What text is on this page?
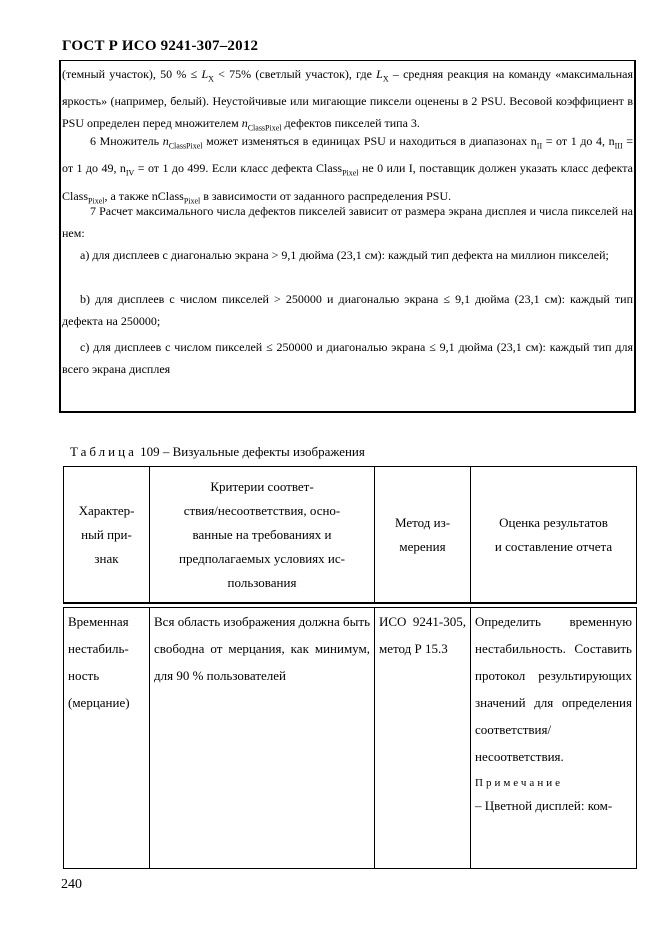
ГОСТ Р ИСО 9241-307–2012
(темный участок), 50 % ≤ $L_X < 75\%$ (светлый участок), где $L_X$ – средняя реакция на команду «максимальная яркость» (например, белый). Неустойчивые или мигающие пиксели оценены в 2 PSU. Весовой коэффициент в PSU определен перед множителем $n_{ClassPixel}$ дефектов пикселей типа 3.
6 Множитель $n_{ClassPixel}$ может изменяться в единицах PSU и находиться в диапазонах $n_{II}$ = от 1 до 4, $n_{III}$ = от 1 до 49, $n_{IV}$ = от 1 до 499. Если класс дефекта Class$_{Pixel}$ не 0 или I, поставщик должен указать класс дефекта Class$_{Pixel}$, а также nClass$_{Pixel}$ в зависимости от заданного распределения PSU.
7 Расчет максимального числа дефектов пикселей зависит от размера экрана дисплея и числа пикселей на нем:
а) для дисплеев с диагональю экрана > 9,1 дюйма (23,1 см): каждый тип дефекта на миллион пикселей;
b) для дисплеев с числом пикселей > 250000 и диагональю экрана ≤ 9,1 дюйма (23,1 см): каждый тип дефекта на 250000;
с) для дисплеев с числом пикселей ≤ 250000 и диагональю экрана ≤ 9,1 дюйма (23,1 см): каждый тип для всего экрана дисплея
Таблица 109 – Визуальные дефекты изображения
Характер-
ный при-
знак	Критерии соответ-
ствия/несоответствия, осно-
ванные на требованиях и
предполагаемых условиях ис-
пользования	Метод из-
мерения	Оценка результатов
и составление отчета

Временная
нестабиль-
ность
(мерцание)	Вся область изображения должна быть свободна от мерцания, как минимум, для 90 % пользователей	ИСО 9241-305, метод Р 15.3	Определить временную нестабильность. Составить протокол результирующих значений для определения соответствия/несоответствия.
Примечание
– Цветной дисплей: ком-
240
